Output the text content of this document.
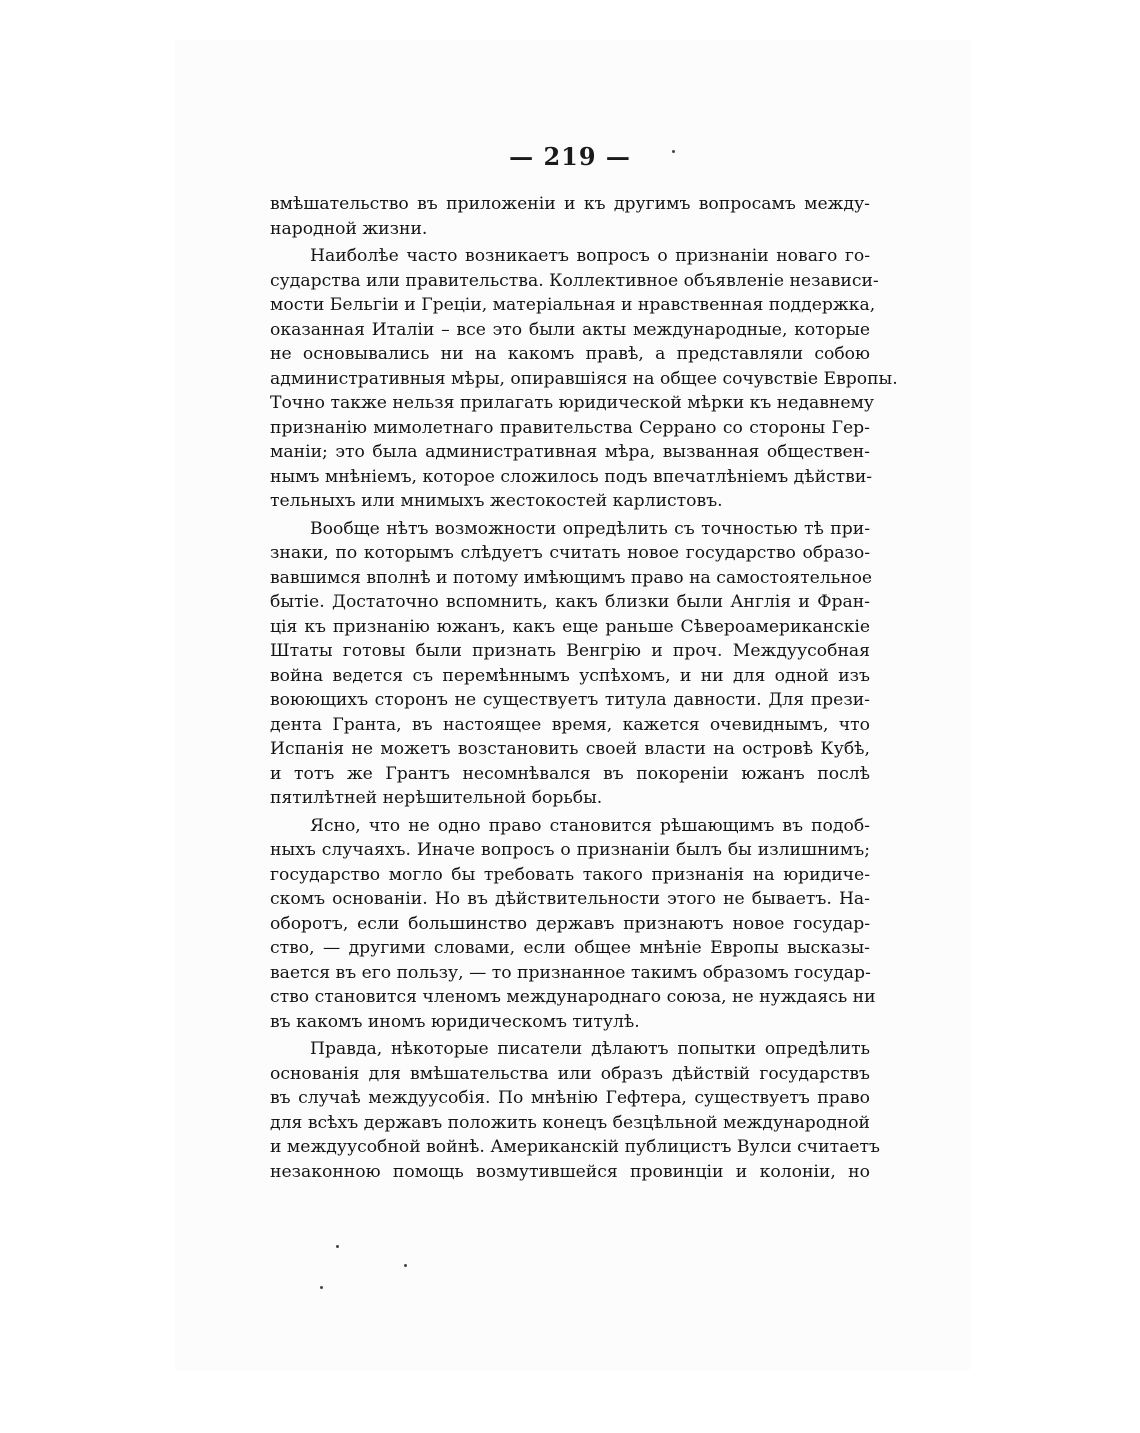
— 219 —

вмѣшательство въ приложеніи и къ другимъ вопросамъ между-
народной жизни.

Наиболѣе часто возникаетъ вопросъ о признаніи новаго го-
сударства или правительства. Коллективное объявленіе независи-
мости Бельгіи и Греціи, матеріальная и нравственная поддержка,
оказанная Италіи – все это были акты международные, которые
не основывались ни на какомъ правѣ, а представляли собою
административныя мѣры, опиравшіяся на общее сочувствіе Европы.
Точно также нельзя прилагать юридической мѣрки къ недавнему
признанію мимолетнаго правительства Серрано со стороны Гер-
маніи; это была административная мѣра, вызванная обществен-
нымъ мнѣніемъ, которое сложилось подъ впечатлѣніемъ дѣйстви-
тельныхъ или мнимыхъ жестокостей карлистовъ.

Вообще нѣтъ возможности опредѣлить съ точностью тѣ при-
знаки, по которымъ слѣдуетъ считать новое государство образо-
вавшимся вполнѣ и потому имѣющимъ право на самостоятельное
бытіе. Достаточно вспомнить, какъ близки были Англія и Фран-
ція къ признанію южанъ, какъ еще раньше Сѣвероамериканскіе
Штаты готовы были признать Венгрію и проч. Междуусобная
война ведется съ перемѣннымъ успѣхомъ, и ни для одной изъ
воюющихъ сторонъ не существуетъ титула давности. Для прези-
дента Гранта, въ настоящее время, кажется очевиднымъ, что
Испанія не можетъ возстановить своей власти на островѣ Кубѣ,
и тотъ же Грантъ несомнѣвался въ покореніи южанъ послѣ
пятилѣтней нерѣшительной борьбы.

Ясно, что не одно право становится рѣшающимъ въ подоб-
ныхъ случаяхъ. Иначе вопросъ о признаніи былъ бы излишнимъ;
государство могло бы требовать такого признанія на юридиче-
скомъ основаніи. Но въ дѣйствительности этого не бываетъ. На-
оборотъ, если большинство державъ признаютъ новое государ-
ство, — другими словами, если общее мнѣніе Европы высказы-
вается въ его пользу, — то признанное такимъ образомъ государ-
ство становится членомъ международнаго союза, не нуждаясь ни
въ какомъ иномъ юридическомъ титулѣ.

Правда, нѣкоторые писатели дѣлаютъ попытки опредѣлить
основанія для вмѣшательства или образъ дѣйствій государствъ
въ случаѣ междуусобія. По мнѣнію Гефтера, существуетъ право
для всѣхъ державъ положить конецъ безцѣльной международной
и междуусобной войнѣ. Американскій публицистъ Вулси считаетъ
незаконною помощь возмутившейся провинціи и колоніи, но
